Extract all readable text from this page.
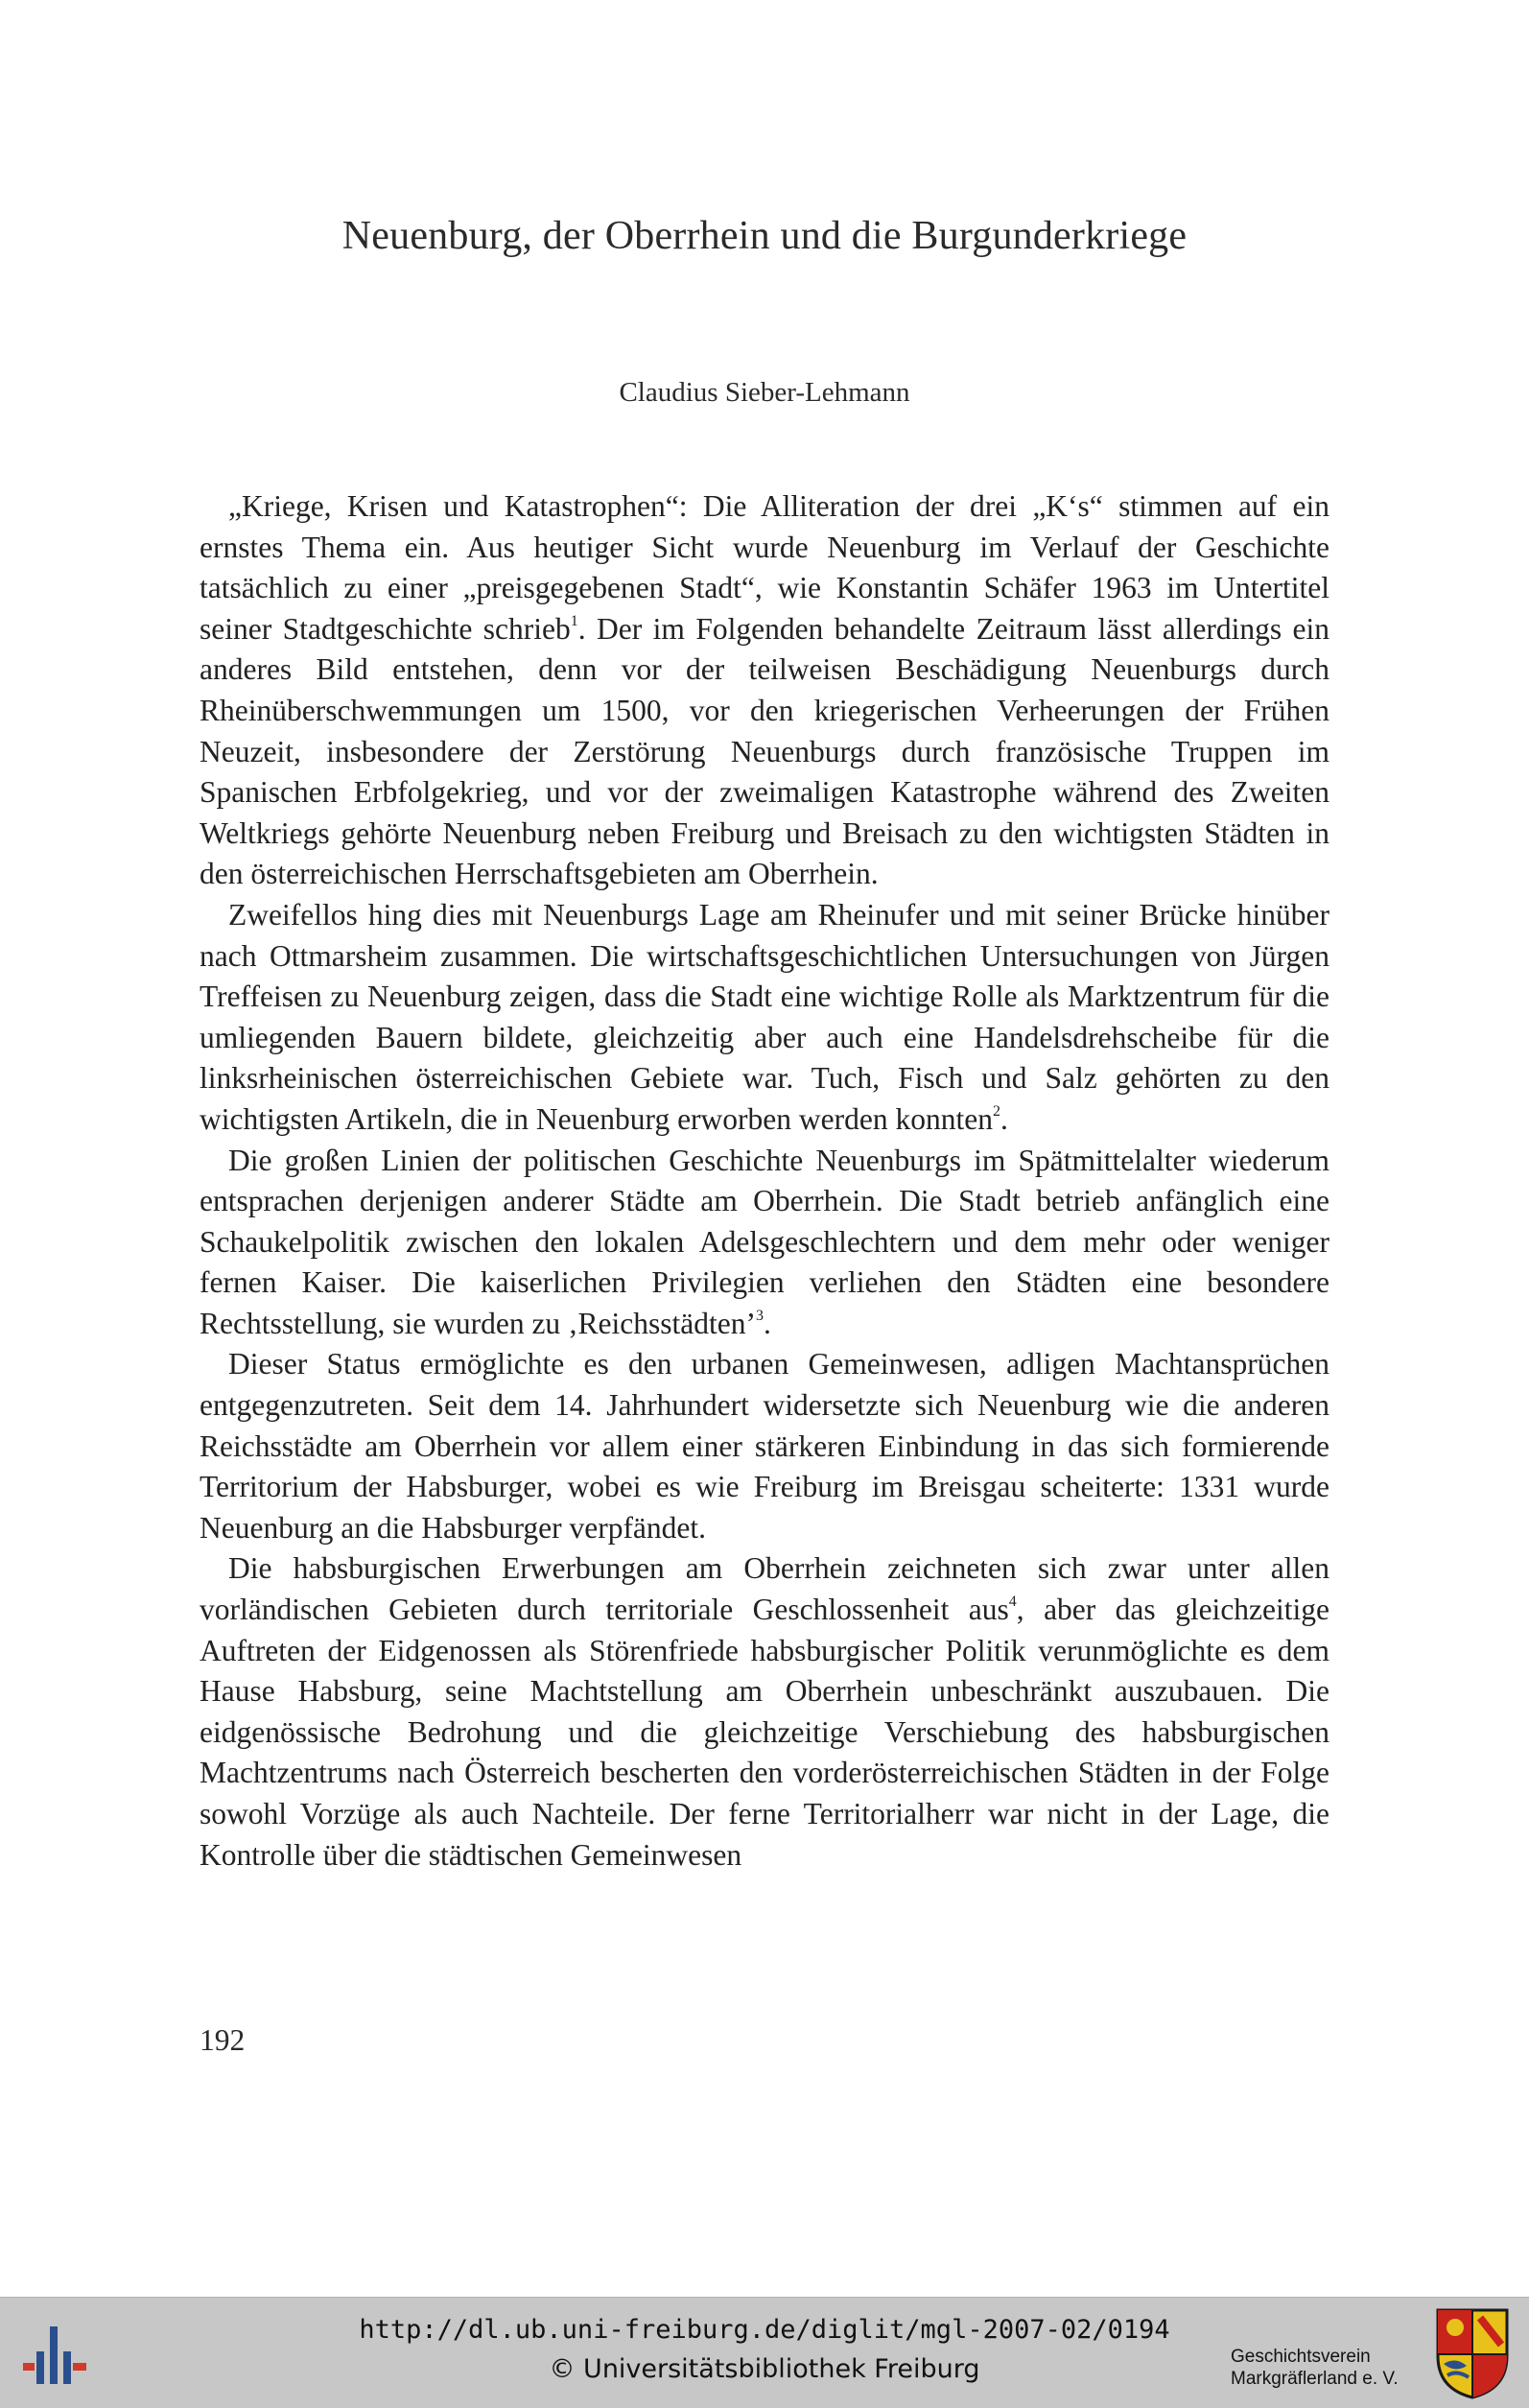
Neuenburg, der Oberrhein und die Burgunderkriege
Claudius Sieber-Lehmann

„Kriege, Krisen und Katastrophen“: Die Alliteration der drei „K‘s“ stimmen auf ein ernstes Thema ein. Aus heutiger Sicht wurde Neuenburg im Verlauf der Geschichte tatsächlich zu einer „preisgegebenen Stadt“, wie Konstantin Schäfer 1963 im Untertitel seiner Stadtgeschichte schrieb$^1$. Der im Folgenden behandelte Zeitraum lässt allerdings ein anderes Bild entstehen, denn vor der teilweisen Beschädigung Neuenburgs durch Rheinüberschwemmungen um 1500, vor den kriegerischen Verheerungen der Frühen Neuzeit, insbesondere der Zerstörung Neuenburgs durch französische Truppen im Spanischen Erbfolgekrieg, und vor der zweimaligen Katastrophe während des Zweiten Weltkriegs gehörte Neuenburg neben Freiburg und Breisach zu den wichtigsten Städten in den österreichischen Herrschaftsgebieten am Oberrhein.

Zweifellos hing dies mit Neuenburgs Lage am Rheinufer und mit seiner Brücke hinüber nach Ottmarsheim zusammen. Die wirtschaftsgeschichtlichen Untersuchungen von Jürgen Treffeisen zu Neuenburg zeigen, dass die Stadt eine wichtige Rolle als Marktzentrum für die umliegenden Bauern bildete, gleichzeitig aber auch eine Handelsdrehscheibe für die linksrheinischen österreichischen Gebiete war. Tuch, Fisch und Salz gehörten zu den wichtigsten Artikeln, die in Neuenburg erworben werden konnten$^2$.

Die großen Linien der politischen Geschichte Neuenburgs im Spätmittelalter wiederum entsprachen derjenigen anderer Städte am Oberrhein. Die Stadt betrieb anfänglich eine Schaukelpolitik zwischen den lokalen Adelsgeschlechtern und dem mehr oder weniger fernen Kaiser. Die kaiserlichen Privilegien verliehen den Städten eine besondere Rechtsstellung, sie wurden zu ‚Reichsstädten’$^3$.

Dieser Status ermöglichte es den urbanen Gemeinwesen, adligen Machtansprüchen entgegenzutreten. Seit dem 14. Jahrhundert widersetzte sich Neuenburg wie die anderen Reichsstädte am Oberrhein vor allem einer stärkeren Einbindung in das sich formierende Territorium der Habsburger, wobei es wie Freiburg im Breisgau scheiterte: 1331 wurde Neuenburg an die Habsburger verpfändet.

Die habsburgischen Erwerbungen am Oberrhein zeichneten sich zwar unter allen vorländischen Gebieten durch territoriale Geschlossenheit aus$^4$, aber das gleichzeitige Auftreten der Eidgenossen als Störenfriede habsburgischer Politik verunmöglichte es dem Hause Habsburg, seine Machtstellung am Oberrhein unbeschränkt auszubauen. Die eidgenössische Bedrohung und die gleichzeitige Verschiebung des habsburgischen Machtzentrums nach Österreich bescherten den vorderösterreichischen Städten in der Folge sowohl Vorzüge als auch Nachteile. Der ferne Territorialherr war nicht in der Lage, die Kontrolle über die städtischen Gemeinwesen

192
http://dl.ub.uni-freiburg.de/diglit/mgl-2007-02/0194
© Universitätsbibliothek Freiburg	Geschichtsverein
Markgräflerland e. V.
